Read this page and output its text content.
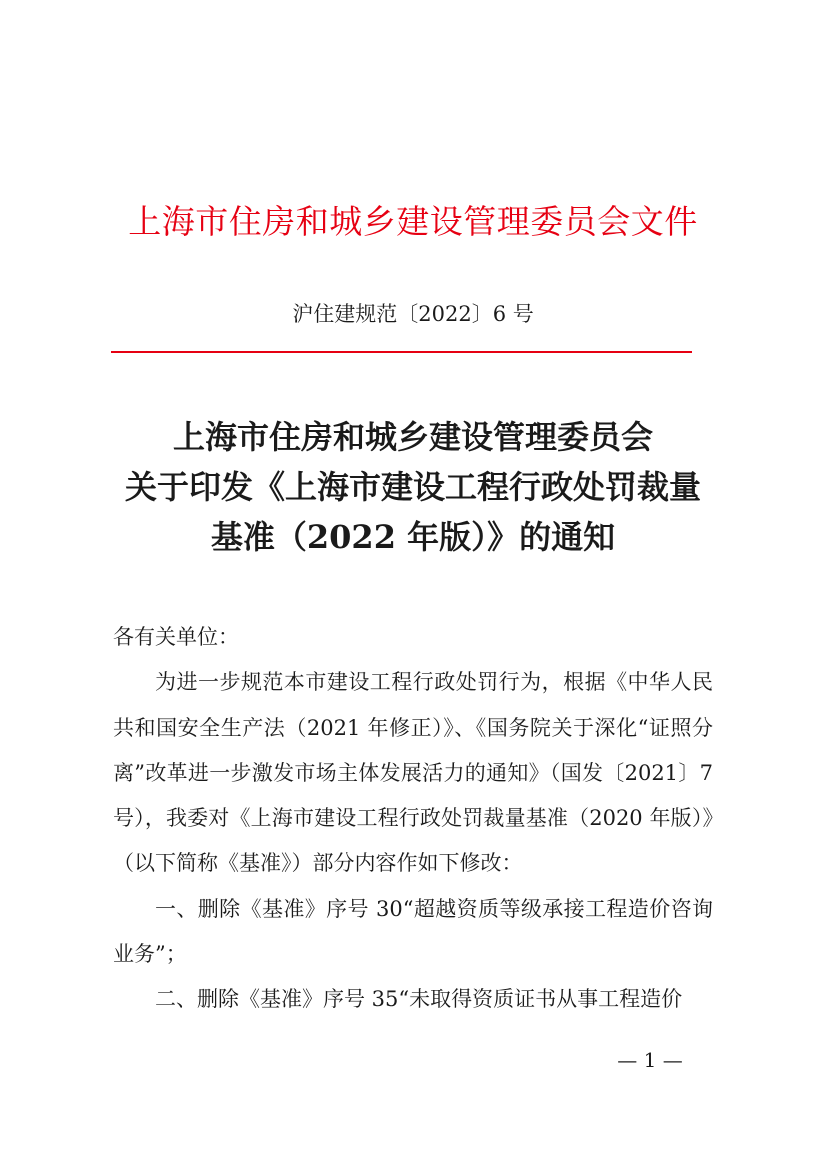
上海市住房和城乡建设管理委员会文件
沪住建规范〔2022〕6 号
上海市住房和城乡建设管理委员会
关于印发《上海市建设工程行政处罚裁量
基准（2022 年版）》的通知

各有关单位：

为进一步规范本市建设工程行政处罚行为，根据《中华人民共和国安全生产法（2021 年修正）》、《国务院关于深化“证照分离”改革进一步激发市场主体发展活力的通知》（国发〔2021〕7 号），我委对《上海市建设工程行政处罚裁量基准（2020 年版）》（以下简称《基准》）部分内容作如下修改：

一、删除《基准》序号 30“超越资质等级承接工程造价咨询业务”；

二、删除《基准》序号 35“未取得资质证书从事工程造价

— 1 —
